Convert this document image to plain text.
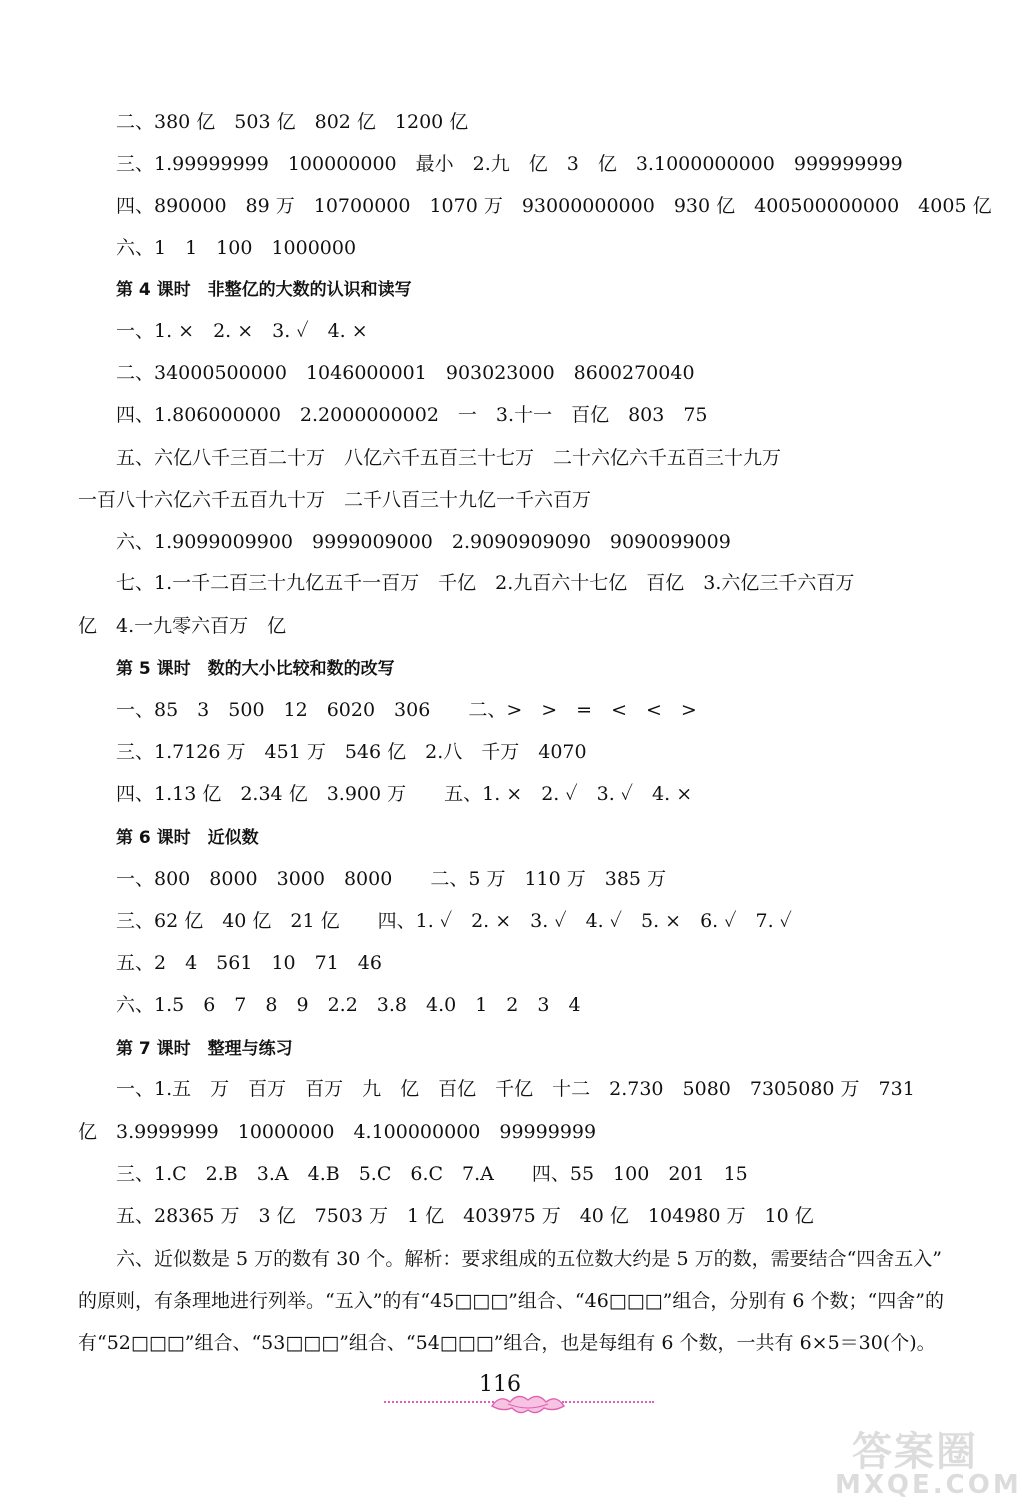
二、380 亿　503 亿　802 亿　1200 亿
三、1.99999999　100000000　最小　2.九　亿　3　亿　3.1000000000　999999999
四、890000　89 万　10700000　1070 万　93000000000　930 亿　400500000000　4005 亿
六、1　1　100　1000000
第 4 课时　非整亿的大数的认识和读写
一、1. ×　2. ×　3. ✓　4. ×
二、34000500000　1046000001　903023000　8600270040
四、1.806000000　2.2000000002　一　3.十一　百亿　803　75
五、六亿八千三百二十万　八亿六千五百三十七万　二十六亿六千五百三十九万
一百八十六亿六千五百九十万　二千八百三十九亿一千六百万
六、1.9099009900　9999009000　2.9090909090　9090099009
七、1.一千二百三十九亿五千一百万　千亿　2.九百六十七亿　百亿　3.六亿三千六百万
亿　4.一九零六百万　亿
第 5 课时　数的大小比较和数的改写
一、85　3　500　12　6020　306　　二、>　>　=　<　<　>
三、1.7126 万　451 万　546 亿　2.八　千万　4070
四、1.13 亿　2.34 亿　3.900 万　　五、1. ×　2. ✓　3. ✓　4. ×
第 6 课时　近似数
一、800　8000　3000　8000　　二、5 万　110 万　385 万
三、62 亿　40 亿　21 亿　　四、1. ✓　2. ×　3. ✓　4. ✓　5. ×　6. ✓　7. ✓
五、2　4　561　10　71　46
六、1.5　6　7　8　9　2.2　3.8　4.0　1　2　3　4
第 7 课时　整理与练习
一、1.五　万　百万　百万　九　亿　百亿　千亿　十二　2.730　5080　7305080 万　731
亿　3.9999999　10000000　4.100000000　99999999
三、1.C　2.B　3.A　4.B　5.C　6.C　7.A　　四、55　100　201　15
五、28365 万　3 亿　7503 万　1 亿　403975 万　40 亿　104980 万　10 亿
六、近似数是 5 万的数有 30 个。解析：要求组成的五位数大约是 5 万的数，需要结合“四舍五入”
的原则，有条理地进行列举。“五入”的有“45□□□”组合、“46□□□”组合，分别有 6 个数；“四舍”的
有“52□□□”组合、“53□□□”组合、“54□□□”组合，也是每组有 6 个数，一共有 6×5＝30(个)。
116
答案圈
MXQE.COM
